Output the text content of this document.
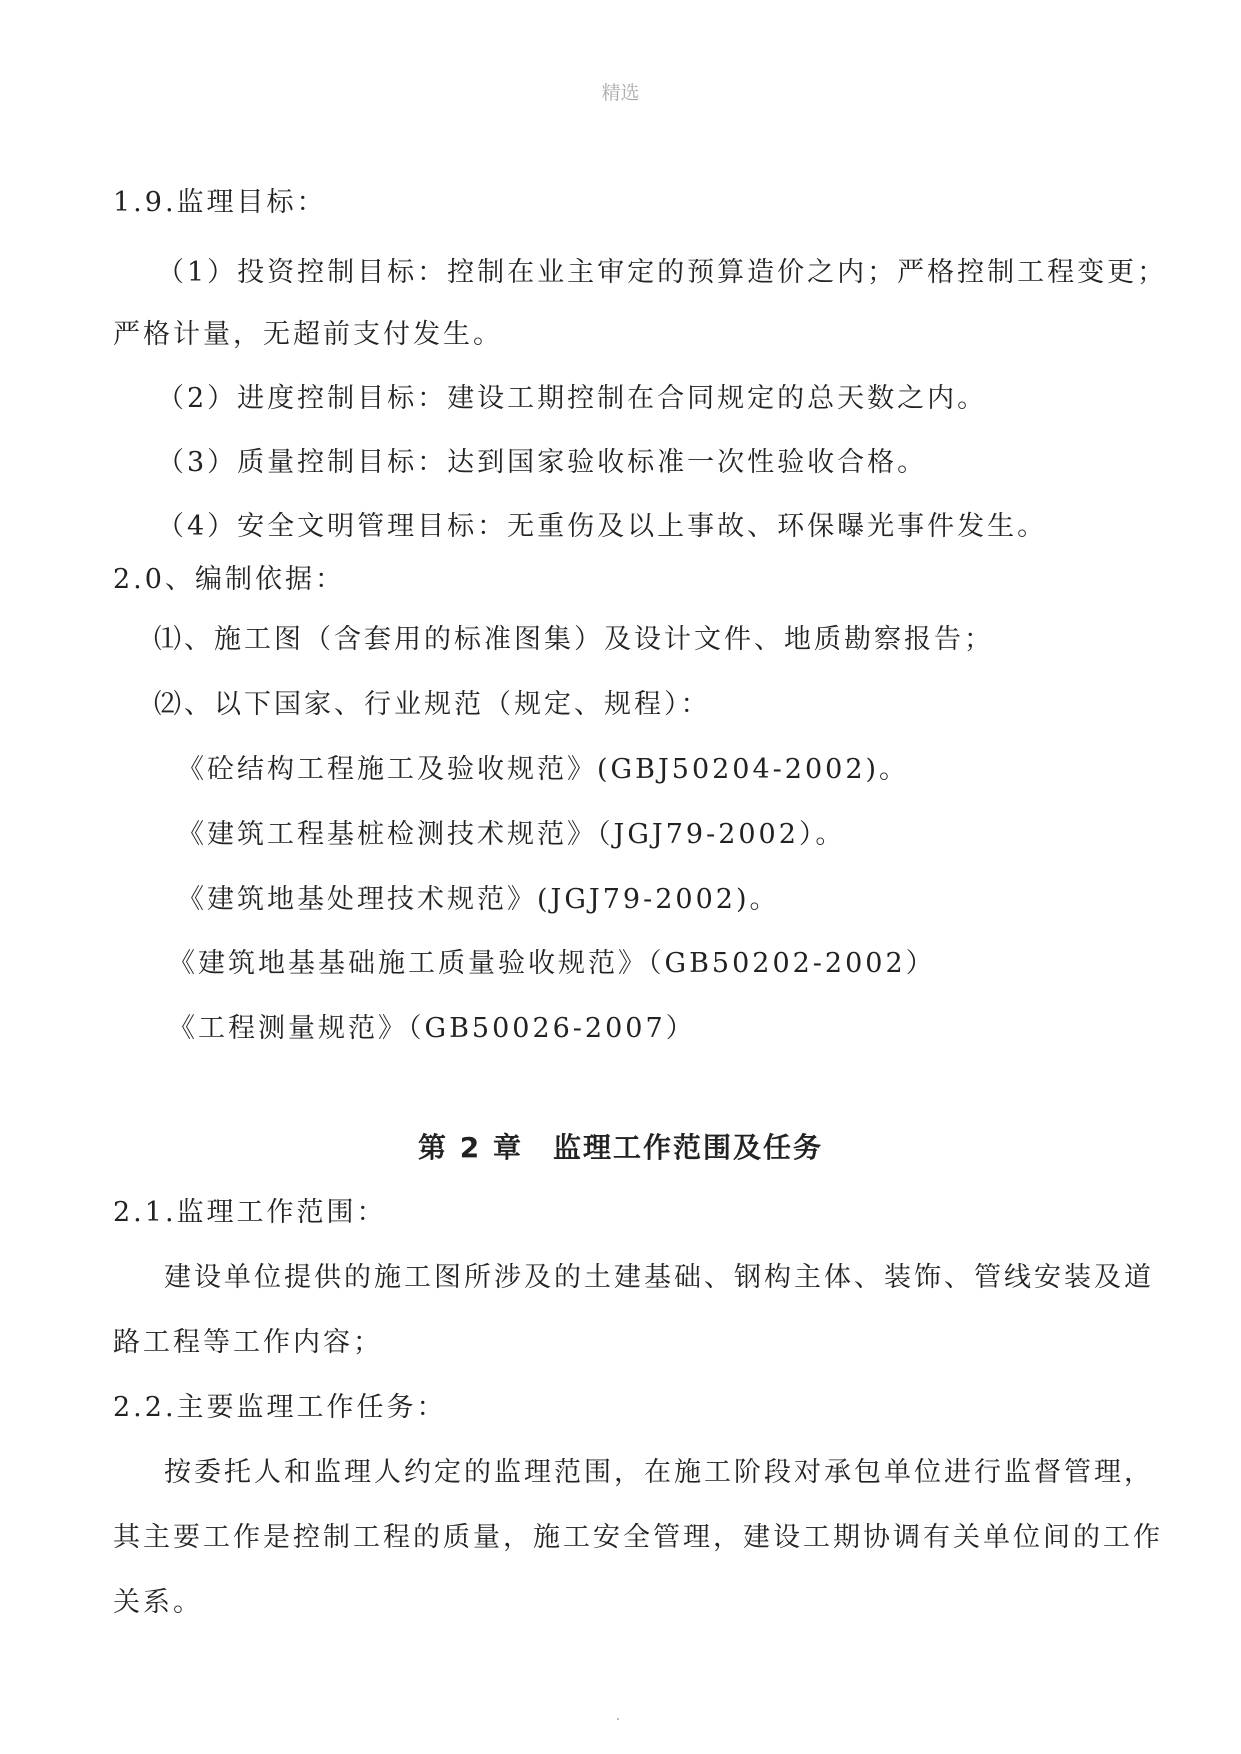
精选
1.9.监理目标：
（1）投资控制目标：控制在业主审定的预算造价之内；严格控制工程变更；
严格计量，无超前支付发生。
（2）进度控制目标：建设工期控制在合同规定的总天数之内。
（3）质量控制目标：达到国家验收标准一次性验收合格。
（4）安全文明管理目标：无重伤及以上事故、环保曝光事件发生。
2.0、编制依据：
⑴、施工图（含套用的标准图集）及设计文件、地质勘察报告；
⑵、以下国家、行业规范（规定、规程）：
《砼结构工程施工及验收规范》(GBJ50204-2002)。
《建筑工程基桩检测技术规范》（JGJ79-2002）。
《建筑地基处理技术规范》(JGJ79-2002)。
《建筑地基基础施工质量验收规范》（GB50202-2002）
《工程测量规范》（GB50026-2007）
第 2 章　监理工作范围及任务
2.1.监理工作范围：
建设单位提供的施工图所涉及的土建基础、钢构主体、装饰、管线安装及道
路工程等工作内容；
2.2.主要监理工作任务：
按委托人和监理人约定的监理范围，在施工阶段对承包单位进行监督管理，
其主要工作是控制工程的质量，施工安全管理，建设工期协调有关单位间的工作
关系。
